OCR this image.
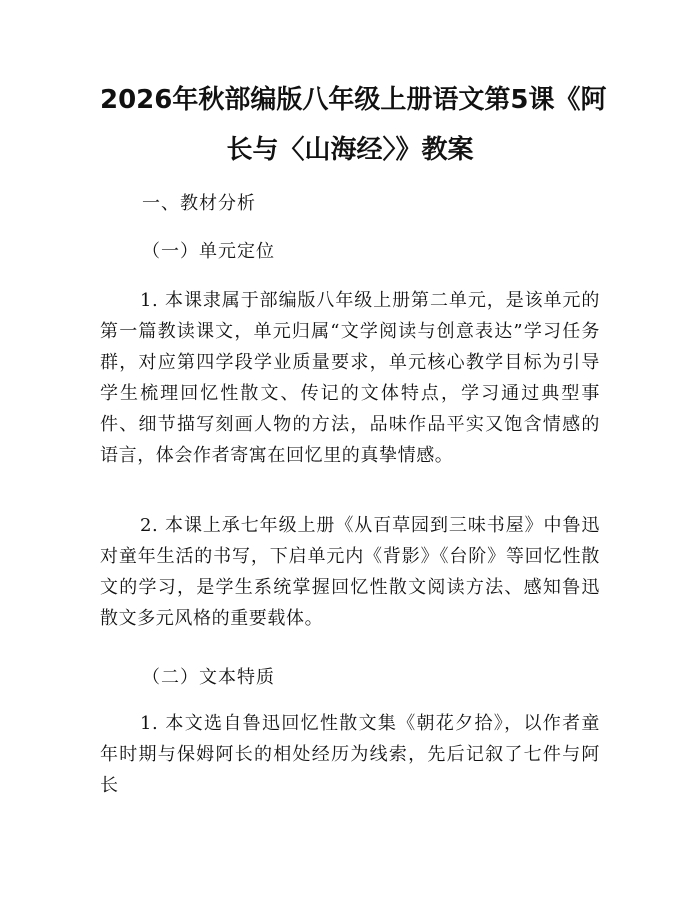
2026年秋部编版八年级上册语文第5课《阿
长与〈山海经〉》教案
一、教材分析
（一）单元定位
1. 本课隶属于部编版八年级上册第二单元，是该单元的第一篇教读课文，单元归属“文学阅读与创意表达”学习任务群，对应第四学段学业质量要求，单元核心教学目标为引导学生梳理回忆性散文、传记的文体特点，学习通过典型事件、细节描写刻画人物的方法，品味作品平实又饱含情感的语言，体会作者寄寓在回忆里的真挚情感。
2. 本课上承七年级上册《从百草园到三味书屋》中鲁迅对童年生活的书写，下启单元内《背影》《台阶》等回忆性散文的学习，是学生系统掌握回忆性散文阅读方法、感知鲁迅散文多元风格的重要载体。
（二）文本特质
1. 本文选自鲁迅回忆性散文集《朝花夕拾》，以作者童年时期与保姆阿长的相处经历为线索，先后记叙了七件与阿长
